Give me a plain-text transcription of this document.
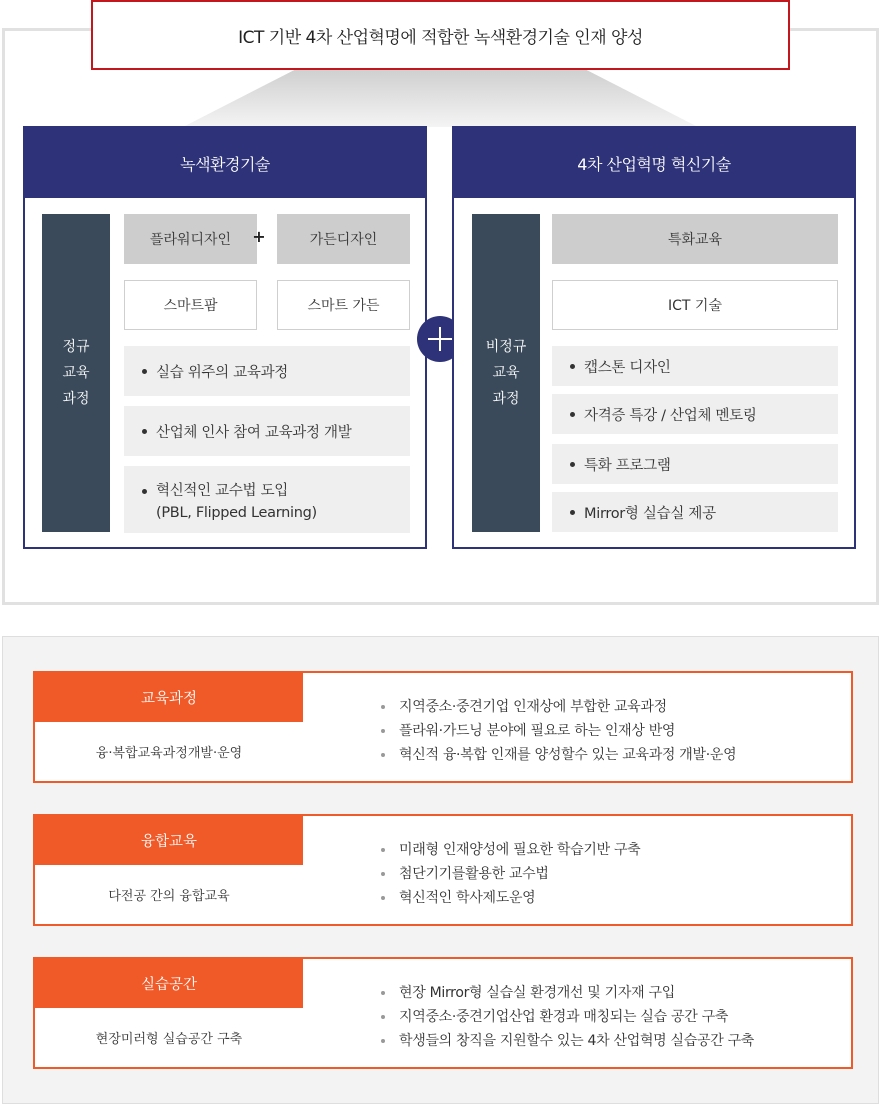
ICT 기반 4차 산업혁명에 적합한 녹색환경기술 인재 양성
녹색환경기술
정규
교육
과정
플라워디자인	+	가든디자인
스마트팜	스마트 가든
실습 위주의 교육과정
산업체 인사 참여 교육과정 개발
혁신적인 교수법 도입
(PBL, Flipped Learning)
4차 산업혁명 혁신기술
비정규
교육
과정
특화교육
ICT 기술
캡스톤 디자인
자격증 특강 / 산업체 멘토링
특화 프로그램
Mirror형 실습실 제공
교육과정
융·복합교육과정개발·운영
지역중소·중견기업 인재상에 부합한 교육과정
플라워·가드닝 분야에 필요로 하는 인재상 반영
혁신적 융·복합 인재를 양성할수 있는 교육과정 개발·운영
융합교육
다전공 간의 융합교육
미래형 인재양성에 필요한 학습기반 구축
첨단기기를활용한 교수법
혁신적인 학사제도운영
실습공간
현장미러형 실습공간 구축
현장 Mirror형 실습실 환경개선 및 기자재 구입
지역중소·중견기업산업 환경과 매칭되는 실습 공간 구축
학생들의 창직을 지원할수 있는 4차 산업혁명 실습공간 구축
